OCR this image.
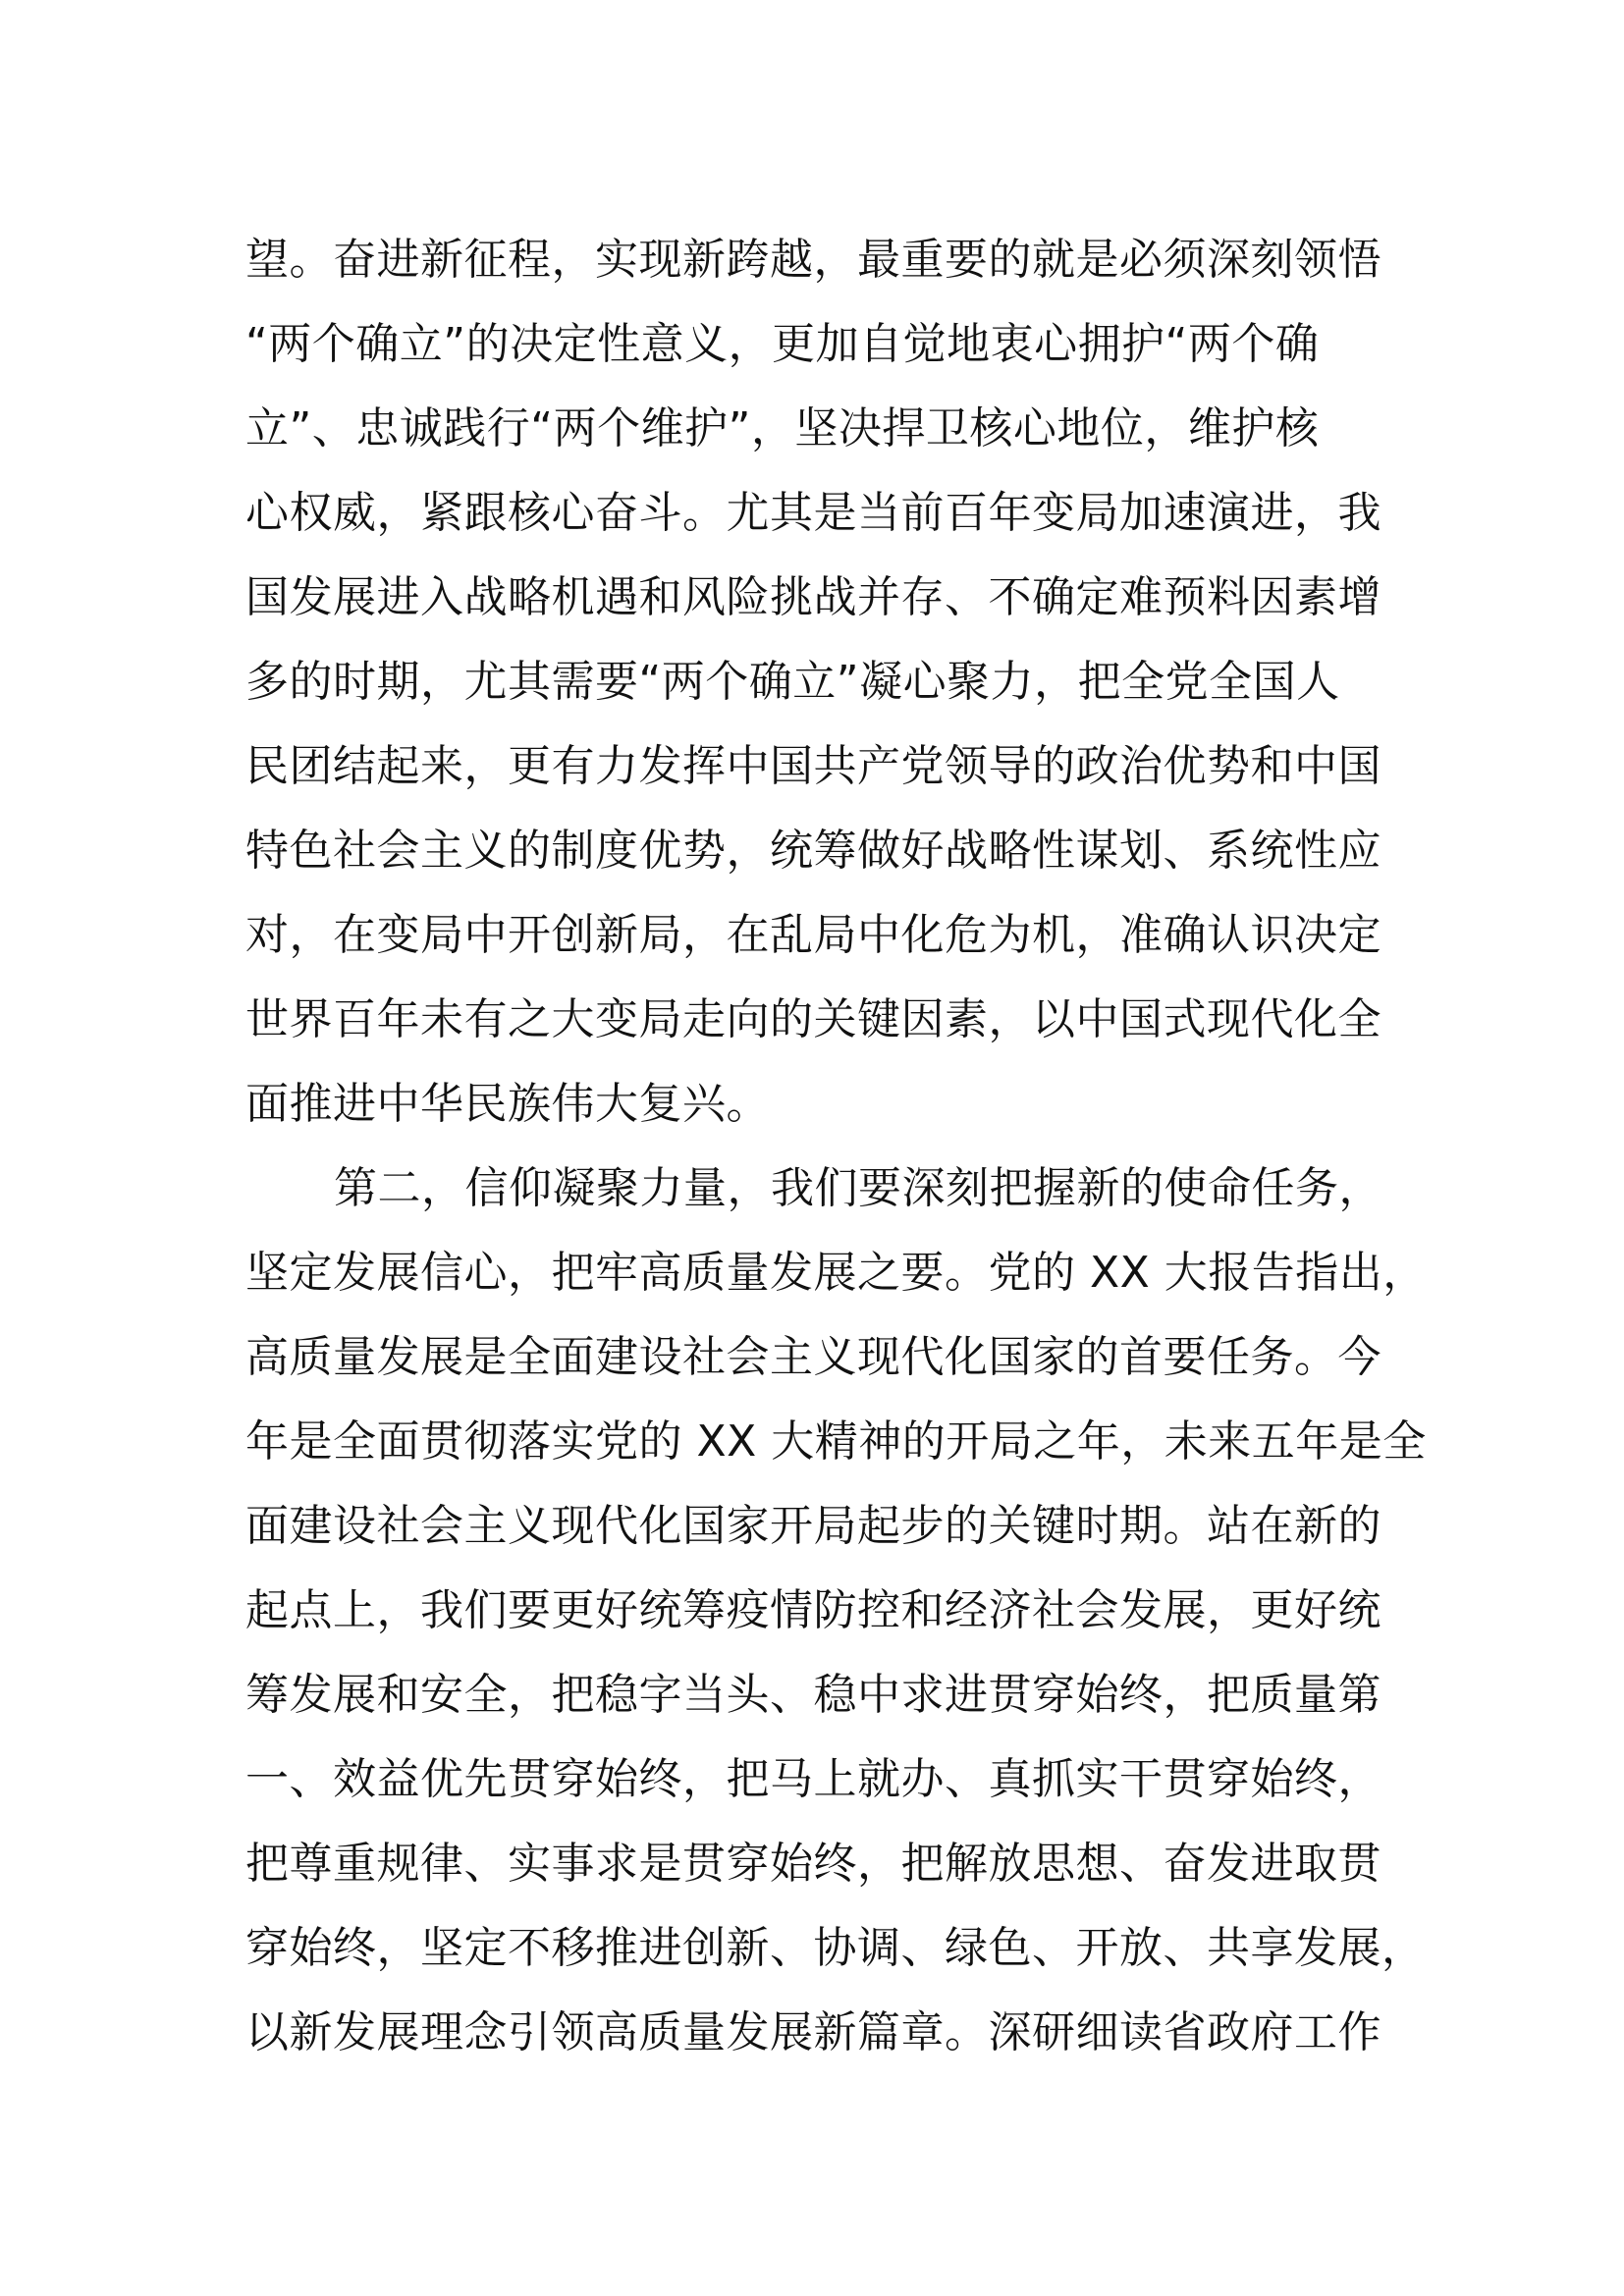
望。奋进新征程，实现新跨越，最重要的就是必须深刻领悟
“两个确立”的决定性意义，更加自觉地衷心拥护“两个确
立”、忠诚践行“两个维护”，坚决捍卫核心地位，维护核
心权威，紧跟核心奋斗。尤其是当前百年变局加速演进，我
国发展进入战略机遇和风险挑战并存、不确定难预料因素增
多的时期，尤其需要“两个确立”凝心聚力，把全党全国人
民团结起来，更有力发挥中国共产党领导的政治优势和中国
特色社会主义的制度优势，统筹做好战略性谋划、系统性应
对，在变局中开创新局，在乱局中化危为机，准确认识决定
世界百年未有之大变局走向的关键因素，以中国式现代化全
面推进中华民族伟大复兴。
第二，信仰凝聚力量，我们要深刻把握新的使命任务，
坚定发展信心，把牢高质量发展之要。党的 XX 大报告指出，
高质量发展是全面建设社会主义现代化国家的首要任务。今
年是全面贯彻落实党的 XX 大精神的开局之年，未来五年是全
面建设社会主义现代化国家开局起步的关键时期。站在新的
起点上，我们要更好统筹疫情防控和经济社会发展，更好统
筹发展和安全，把稳字当头、稳中求进贯穿始终，把质量第
一、效益优先贯穿始终，把马上就办、真抓实干贯穿始终，
把尊重规律、实事求是贯穿始终，把解放思想、奋发进取贯
穿始终，坚定不移推进创新、协调、绿色、开放、共享发展，
以新发展理念引领高质量发展新篇章。深研细读省政府工作
